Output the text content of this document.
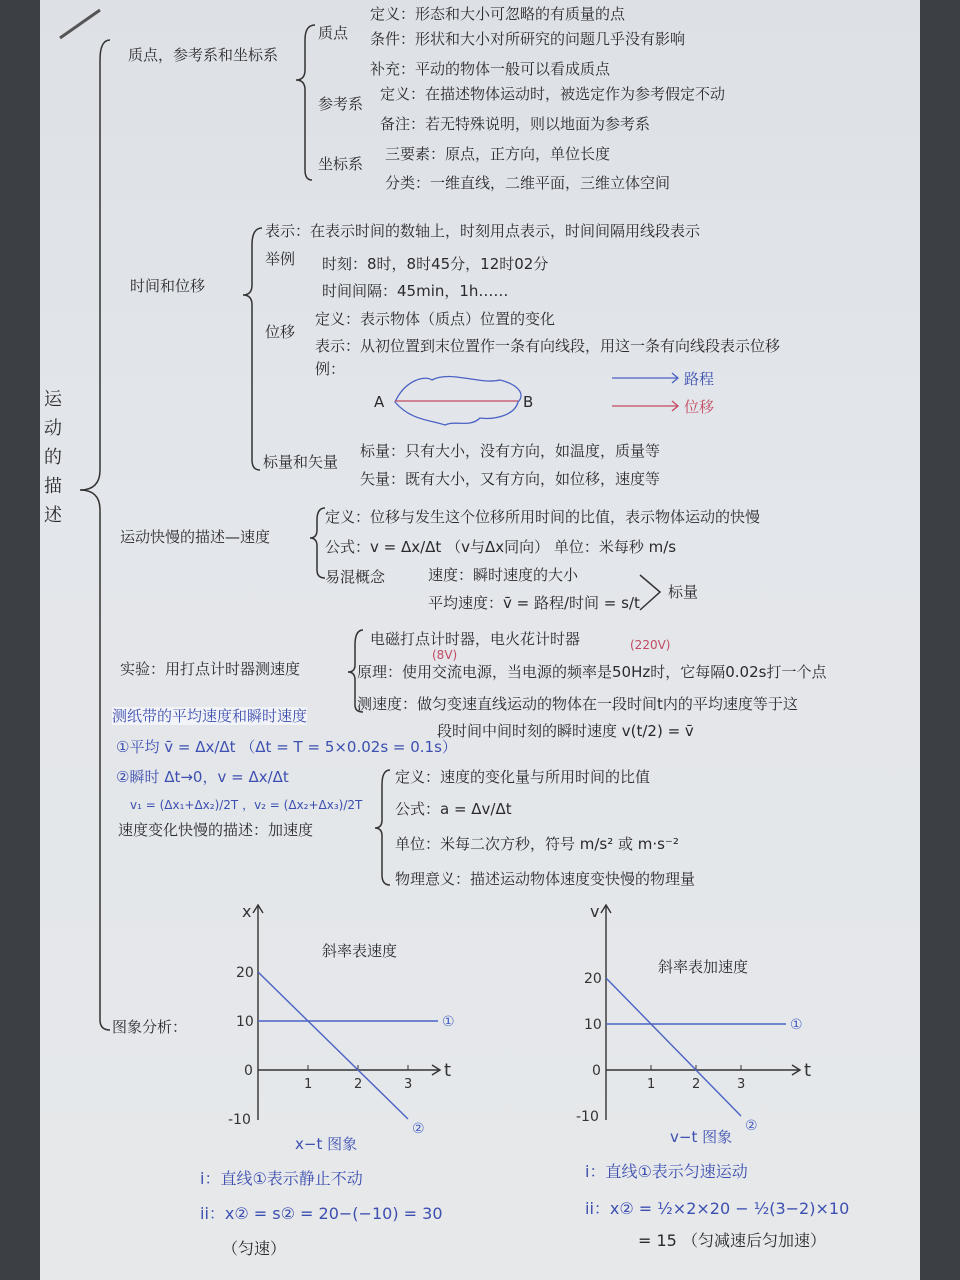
运
动
的
描
述
质点，参考系和坐标系
质点
定义：形态和大小可忽略的有质量的点
条件：形状和大小对所研究的问题几乎没有影响
补充：平动的物体一般可以看成质点
参考系
定义：在描述物体运动时，被选定作为参考假定不动
备注：若无特殊说明，则以地面为参考系
坐标系
三要素：原点，正方向，单位长度
分类：一维直线，二维平面，三维立体空间
时间和位移
表示：在表示时间的数轴上，时刻用点表示，时间间隔用线段表示
举例 时刻：8时，8时45分，12时02分
时间间隔：45min，1h……
位移
定义：表示物体（质点）位置的变化
表示：从初位置到末位置作一条有向线段，用这一条有向线段表示位移
例：
A	B
路程
位移
标量和矢量
标量：只有大小，没有方向，如温度，质量等
矢量：既有大小，又有方向，如位移，速度等
运动快慢的描述—速度
定义：位移与发生这个位移所用时间的比值，表示物体运动的快慢
公式：v = Δx/Δt （v与Δx同向） 单位：米每秒 m/s
易混概念	速度：瞬时速度的大小
平均速度：v̄ = 路程/时间 = s/t
标量
实验：用打点计时器测速度
电磁打点计时器，电火花计时器	(220V)
(8V)
原理：使用交流电源，当电源的频率是50Hz时，它每隔0.02s打一个点
测速度：做匀变速直线运动的物体在一段时间t内的平均速度等于这
段时间中间时刻的瞬时速度 v(t/2) = v̄
测纸带的平均速度和瞬时速度
①平均 v̄ = Δx/Δt （Δt = T = 5×0.02s = 0.1s）
②瞬时 Δt→0，v = Δx/Δt
v₁ = (Δx₁+Δx₂)/2T ，v₂ = (Δx₂+Δx₃)/2T
速度变化快慢的描述：加速度
定义：速度的变化量与所用时间的比值
公式：a = Δv/Δt
单位：米每二次方秒，符号 m/s² 或 m·s⁻²
物理意义：描述运动物体速度变快慢的物理量
图象分析：
x
t
1	2	3
20
10
0
-10
①
②
v
t
1	2	3
20
10
0
-10
①
②
x−t 图象
斜率表速度
v−t 图象
斜率表加速度
i：直线①表示静止不动
ii：x② = s② = 20−(−10) = 30
（匀速）
i：直线①表示匀速运动
ii：x② = ½×2×20 − ½(3−2)×10
= 15 （匀减速后匀加速）
